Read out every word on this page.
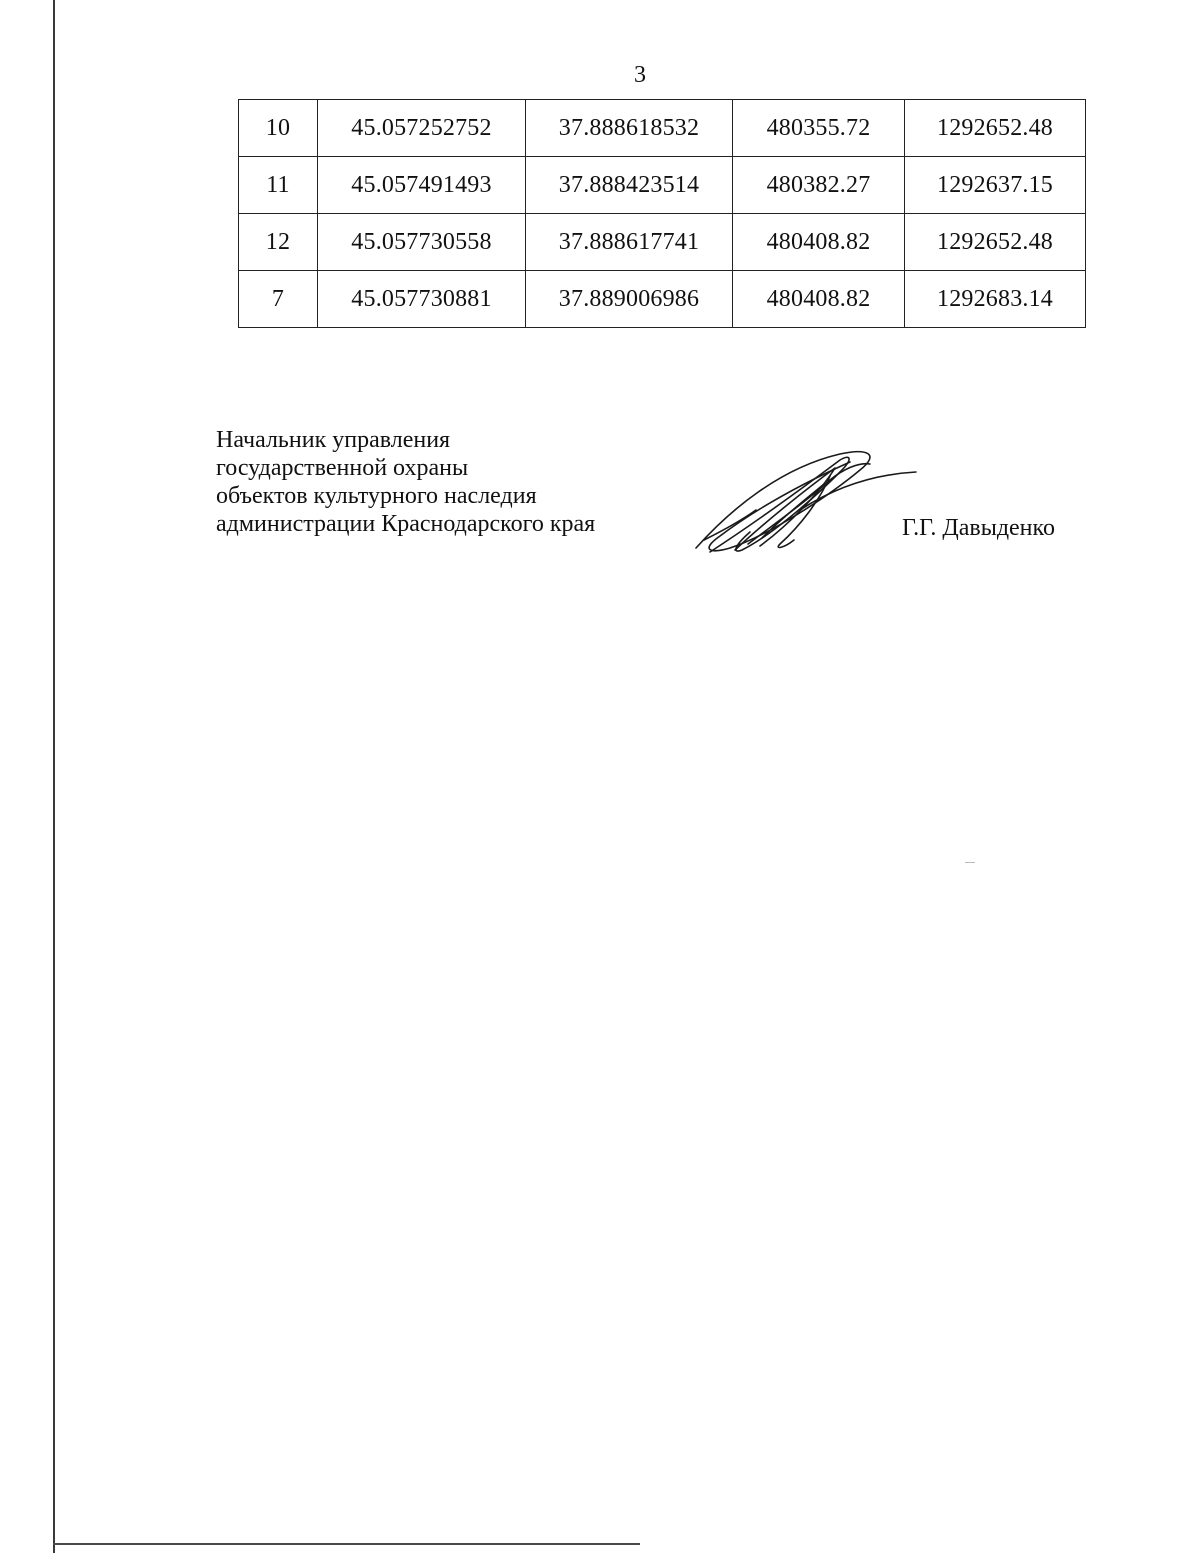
3
10	45.057252752	37.888618532	480355.72	1292652.48
11	45.057491493	37.888423514	480382.27	1292637.15
12	45.057730558	37.888617741	480408.82	1292652.48
7	45.057730881	37.889006986	480408.82	1292683.14
Начальник управления
государственной охраны
объектов культурного наследия
администрации Краснодарского края	Г.Г. Давыденко
